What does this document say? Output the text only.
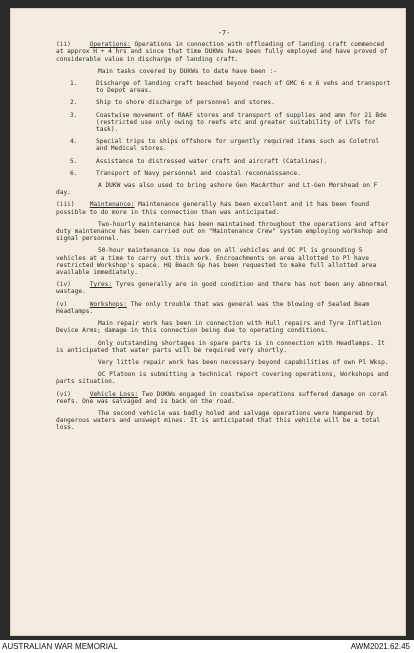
-7-

(ii)	Operations: Operations in connection with offloading of landing craft commenced at approx H + 4 hrs and since that time DUKWs have been fully employed and have proved of considerable value in discharge of landing craft.

Main tasks covered by DUKWs to date have been :-

1.	Discharge of landing craft beached beyond reach of GMC 6 x 6 vehs and transport to Depot areas.
2.	Ship to shore discharge of personnel and stores.
3.	Coastwise movement of RAAF stores and transport of supplies and amn for 21 Bde (restricted use only owing to reefs etc and greater suitability of LVTs for task).
4.	Special trips to ships offshore for urgently required items such as Coletrol and Medical stores.
5.	Assistance to distressed water craft and aircraft (Catalinas).
6.	Transport of Navy personnel and coastal reconnaissance.

A DUKW was also used to bring ashore Gen MacArthur and Lt-Gen Morshead on F day.

(iii) Maintenance: Maintenance generally has been excellent and it has been found possible to do more in this connection than was anticipated.

Two-hourly maintenance has been maintained throughout the operations and after duty maintenance has been carried out on "Maintenance Crew" system employing workshop and signal personnel.

50-hour maintenance is now due on all vehicles and OC Pl is grounding 5 vehicles at a time to carry out this work. Encroachments on area allotted to Pl have restricted Workshop's space. HQ Beach Gp has been requested to make full allotted area available immediately.

(iv)	Tyres: Tyres generally are in good condition and there has not been any abnormal wastage.

(v)	Workshops: The only trouble that was general was the blowing of Sealed Beam Headlamps.

Main repair work has been in connection with Hull repairs and Tyre Inflation Device Arms; damage in this connection being due to operating conditions.

Only outstanding shortages in spare parts is in connection with Headlamps. It is anticipated that water parts will be required very shortly.

Very little repair work has been necessary beyond capabilities of own Pl Wksp.

OC Platoon is submitting a technical report covering operations, Workshops and parts situation.

(vi)	Vehicle Loss: Two DUKWs engaged in coastwise operations suffered damage on coral reefs. One was salvaged and is back on the road.

The second vehicle was badly holed and salvage operations were hampered by dangerous waters and unswept mines. It is anticipated that this vehicle will be a total loss.

AUSTRALIAN WAR MEMORIAL	AWM2021.62.45
